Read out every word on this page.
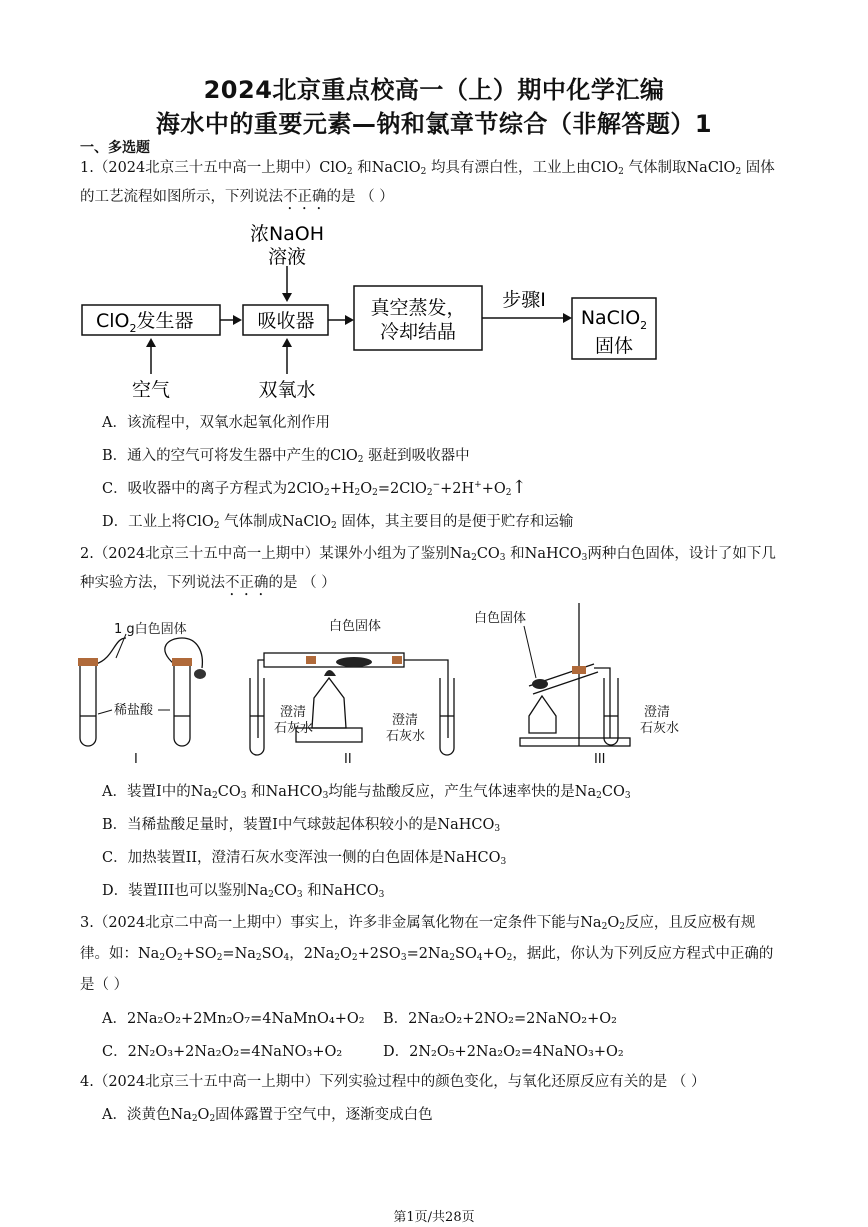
2024北京重点校高一（上）期中化学汇编
海水中的重要元素—钠和氯章节综合（非解答题）1
一、多选题
1.（2024北京三十五中高一上期中）ClO$_2$ 和NaClO$_2$ 均具有漂白性，工业上由ClO$_2$ 气体制取NaClO$_2$ 固体
的工艺流程如图所示，下列说法不正确的是 （ ）
浓NaOH
溶液
ClO$_2$发生器	吸收器
真空蒸发，
冷却结晶
步骤I
NaClO$_2$
固体
空气	双氧水
A．该流程中，双氧水起氧化剂作用
B．通入的空气可将发生器中产生的ClO$_2$ 驱赶到吸收器中
C．吸收器中的离子方程式为$2ClO_2+H_2O_2=2ClO_2^-+2H^++O_2↑$
D．工业上将ClO$_2$ 气体制成NaClO$_2$ 固体，其主要目的是便于贮存和运输
2.（2024北京三十五中高一上期中）某课外小组为了鉴别$Na_2CO_3$ 和NaHCO$_3$两种白色固体，设计了如下几
种实验方法，下列说法不正确的是 （ ）
1 g白色固体
稀盐酸
I
白色固体
澄清
石灰水
澄清
石灰水
II
白色固体
澄清
石灰水
III
A．装置I中的$Na_2CO_3$ 和NaHCO$_3$均能与盐酸反应，产生气体速率快的是$Na_2CO_3$
B．当稀盐酸足量时，装置I中气球鼓起体积较小的是NaHCO$_3$
C．加热装置II，澄清石灰水变浑浊一侧的白色固体是NaHCO$_3$
D．装置III也可以鉴别$Na_2CO_3$ 和NaHCO$_3$
3.（2024北京二中高一上期中）事实上，许多非金属氧化物在一定条件下能与$Na_2O_2$反应，且反应极有规
律。如：$Na_2O_2+SO_2=Na_2SO_4$，$2Na_2O_2+2SO_3=2Na_2SO_4+O_2$，据此，你认为下列反应方程式中正确的
是（ ）
A．2Na₂O₂+2Mn₂O₇=4NaMnO₄+O₂ B．2Na₂O₂+2NO₂=2NaNO₂+O₂
C．2N₂O₃+2Na₂O₂=4NaNO₃+O₂	D．2N₂O₅+2Na₂O₂=4NaNO₃+O₂
4.（2024北京三十五中高一上期中）下列实验过程中的颜色变化，与氧化还原反应有关的是 （ ）
A．淡黄色$Na_2O_2$固体露置于空气中，逐渐变成白色
第1页/共28页
